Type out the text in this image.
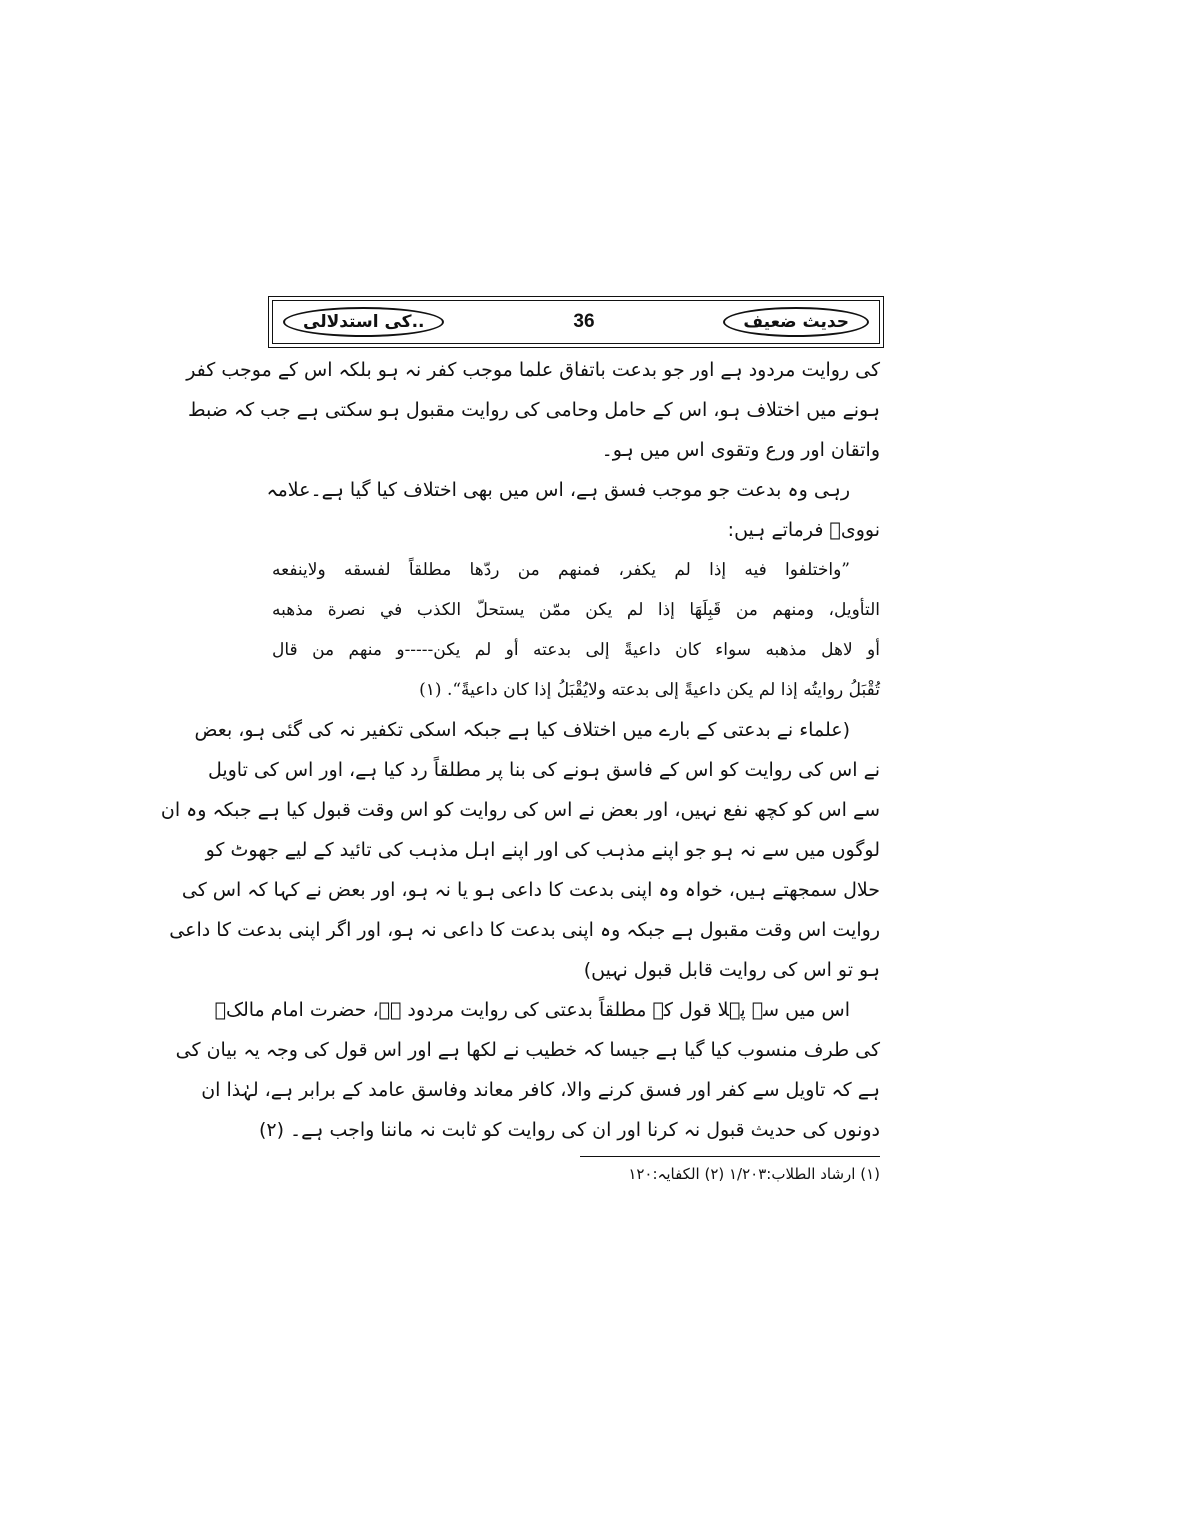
کی استدلالی..	36	حدیث ضعیف
کی روایت مردود ہے اور جو بدعت باتفاق علما موجب کفر نہ ہو بلکہ اس کے موجب کفر
ہونے میں اختلاف ہو، اس کے حامل وحامی کی روایت مقبول ہو سکتی ہے جب کہ ضبط
واتقان اور ورع وتقوی اس میں ہو۔
رہی وہ بدعت جو موجب فسق ہے، اس میں بھی اختلاف کیا گیا ہے۔علامہ
نوویؒ فرماتے ہیں:
”واختلفوا فيه إذا لم يكفر، فمنهم من ردّها مطلقاً لفسقه ولاينفعه
التأويل، ومنهم من قَبِلَهَا إذا لم يكن ممّن يستحلّ الكذب في نصرة مذهبه
أو لاهل مذهبه سواء كان داعيةً إلى بدعته أو لم يكن-----و منهم من قال
تُقْبَلُ روايتُه إذا لم يكن داعيةً إلى بدعته ولايُقْبَلُ إذا كان داعيةً“. (۱)
(علماء نے بدعتی کے بارے میں اختلاف کیا ہے جبکہ اسکی تکفیر نہ کی گئی ہو، بعض
نے اس کی روایت کو اس کے فاسق ہونے کی بنا پر مطلقاً رد کیا ہے، اور اس کی تاویل
سے اس کو کچھ نفع نہیں، اور بعض نے اس کی روایت کو اس وقت قبول کیا ہے جبکہ وہ ان
لوگوں میں سے نہ ہو جو اپنے مذہب کی اور اپنے اہل مذہب کی تائید کے لیے جھوٹ کو
حلال سمجھتے ہیں، خواہ وہ اپنی بدعت کا داعی ہو یا نہ ہو، اور بعض نے کہا کہ اس کی
روایت اس وقت مقبول ہے جبکہ وہ اپنی بدعت کا داعی نہ ہو، اور اگر اپنی بدعت کا داعی
ہو تو اس کی روایت قابل قبول نہیں)
اس میں سے پہلا قول کہ مطلقاً بدعتی کی روایت مردود ہے، حضرت امام مالکؒ
کی طرف منسوب کیا گیا ہے جیسا کہ خطیب نے لکھا ہے اور اس قول کی وجہ یہ بیان کی
ہے کہ تاویل سے کفر اور فسق کرنے والا، کافر معاند وفاسق عامد کے برابر ہے، لہٰذا ان
دونوں کی حدیث قبول نہ کرنا اور ان کی روایت کو ثابت نہ ماننا واجب ہے۔ (۲)
(۱) ارشاد الطلاب:۱/۲۰۳ (۲) الکفایہ:۱۲۰
